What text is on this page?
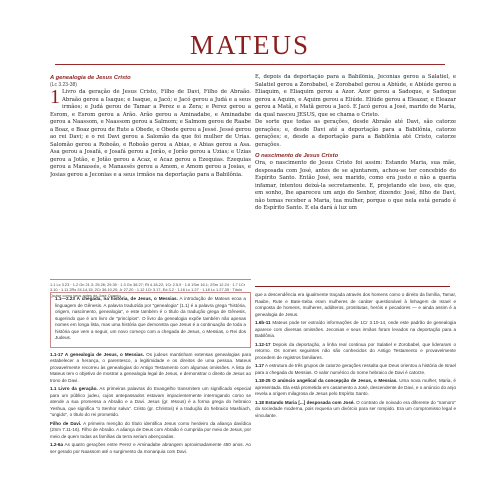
MATEUS
A genealogia de Jesus Cristo
(Lc 3.23-38)

1 Livro da geração de Jesus Cristo, Filho de Davi, Filho de Abraão. Abraão gerou a Isaque; e Isaque, a Jacó; e Jacó gerou a Judá e a seus irmãos; e Judá gerou de Tamar a Perez e a Zera; e Perez gerou a Esrom, e Esrom gerou a Arão. Arão gerou a Aminadabe, e Aminadabe gerou a Naassom, e Naassom gerou a Salmom; e Salmom gerou de Raabe a Boaz, e Boaz gerou de Rute a Obede, e Obede gerou a Jessé. Jessé gerou ao rei Davi; e o rei Davi gerou a Salomão da que foi mulher de Urias. Salomão gerou a Roboão, e Roboão gerou a Abias, e Abias gerou a Asa. Asa gerou a Josafá, e Josafá gerou a Jorão, e Jorão gerou a Uzias; e Uzias gerou a Jotão, e Jotão gerou a Acaz, e Acaz gerou a Ezequias. Ezequias gerou a Manassés, e Manassés gerou a Amom, e Amom gerou a Josias, e Josias gerou a Jeconias e a seus irmãos na deportação para a Babilônia.

E, depois da deportação para a Babilônia, Jeconias gerou a Salatiel, e Salatiel gerou a Zorobabel, e Zorobabel gerou a Abiúde, e Abiúde gerou a Eliaquim, e Eliaquim gerou a Azor. Azor gerou a Sadoque, e Sadoque gerou a Aquim, e Aquim gerou a Eliúde. Eliúde gerou a Eleazar, e Eleazar gerou a Matã, e Matã gerou a Jacó. E Jacó gerou a José, marido de Maria, da qual nasceu JESUS, que se chama o Cristo.

De sorte que todas as gerações, desde Abraão até Davi, são catorze gerações; e, desde Davi até a deportação para a Babilônia, catorze gerações; e, desde a deportação para a Babilônia até Cristo, catorze gerações.

O nascimento de Jesus Cristo

Ora, o nascimento de Jesus Cristo foi assim: Estando Maria, sua mãe, desposada com José, antes de se ajuntarem, achou-se ter concebido do Espírito Santo. Então José, seu marido, como era justo e não a queria infamar, intentou deixá-la secretamente. E, projetando ele isso, eis que, em sonho, lhe apareceu um anjo do Senhor, dizendo: José, filho de Davi, não temas receber a Maria, tua mulher, porque o que nela está gerado é do Espírito Santo. E ela dará à luz um

1.1 Lc 3.23 · 1.2 Gn 21.3; 25.26; 29.35 · 1.3 Gn 38.27; Rt 4.18-22; 1Cr 2.5,9 · 1.6 1Sm 16.1; 2Sm 12.24 · 1.7 1Cr 3.10 · 1.11 2Rs 24.14,15; 2Cr 36.10,20; Jr 27.20 · 1.12 1Cr 3.17; Ed 3.2 · 1.16 Lc 1.27 · 1.18 Lc 1.27,35 · Título Quase como seus antes de José Quanto

1.1—2.23 A chegada, na história, de Jesus, o Messias. A introdução de Mateus ecoa a linguagem de Gênesis. A palavra traduzida por "genealogia" (1.1) é a palavra grega "história, origem, nascimento, genealogia", e este também é o título da tradução grega de Gênesis, sugerindo que é um livro de "princípios". O livro da genealogia expõe também não apenas nomes em longa lista, mas uma história que demonstra que Jesus é a continuação de toda a história que vem a seguir, um novo começo com a chegada de Jesus, o Messias, o Rei dos Judeus.

1.1-17 A genealogia de Jesus, o Messias. Os judeus mantinham extensas genealogias para estabelecer a herança, o parentesco, a legitimidade e os direitos de uma pessoa. Mateus provavelmente recorreu às genealogias do Antigo Testamento com algumas omissões. A lista de Mateus tem o objetivo de mostrar a genealogia legal de Jesus, e demonstrar o direito de Jesus ao trono de Davi.

1.1 Livro da geração. As primeiras palavras do Evangelho transmitem um significado especial para um público judeu, cujos antepassados estavam impacientemente interrogando como se atende a sua promessa a Abraão e a Davi. Jesus (gr. Iēsous) é a forma grega do hebraico Yeshua, que significa "o Senhor salva". Cristo (gr. Christos) é a tradução do hebraico Mashiach, "ungido", o título do rei prometido.

Filho de Davi. A primeira menção do título identifica Jesus como herdeiro da aliança davídica (2Sm 7.11-16). Filho de Abraão. A aliança de Deus com Abraão é cumprida por meio de Jesus, por meio de quem todas as famílias da terra seriam abençoadas.

1.2-6a As quatro gerações entre Perez e Aminadabe abrangem aproximadamente 450 anos. Ao ser gerado por Naassom até o surgimento da monarquia com Davi.

que a descendência era igualmente traçada através dos homens como o direito da família, Tamar, Raabe, Rute e Bate-Seba eram mulheres de caráter questionável à linhagem de Israel e composta de homens, mulheres, adúlteros, prostitutas, heróis e pecadores — e ainda assim é a genealogia de Jesus.

1.6b-11 Mateus pode ter extraído informações de 1Cr 3.10-14, onde este padrão de genealogia aparece com diversas omissões. Jeconias e seus irmãos foram levados na deportação para a Babilônia.

1.12-17 Depois da deportação, a linha real continua por Salatiel e Zorobabel, que lideraram o retorno. Os nomes seguintes não são conhecidos do Antigo Testamento e provavelmente procedem de registros familiares.

1.17 A estrutura de três grupos de catorze gerações ressalta que Deus orientou a história de Israel para a chegada do Messias. O valor numérico do nome hebraico de Davi é catorze.

1.18-25 O anúncio angelical da concepção de Jesus, o Messias. Uma nova mulher, Maria, é apresentada. Ela está prometida em casamento a José, descendente de Davi, e o anúncio do anjo revela a origem milagrosa de Jesus pelo Espírito Santo.

1.18 Estando Maria [...] desposada com José. O contrato de noivado era diferente do "namoro" da sociedade moderna, pois requeria um divórcio para ser rompido. Era um compromisso legal e vinculante.
